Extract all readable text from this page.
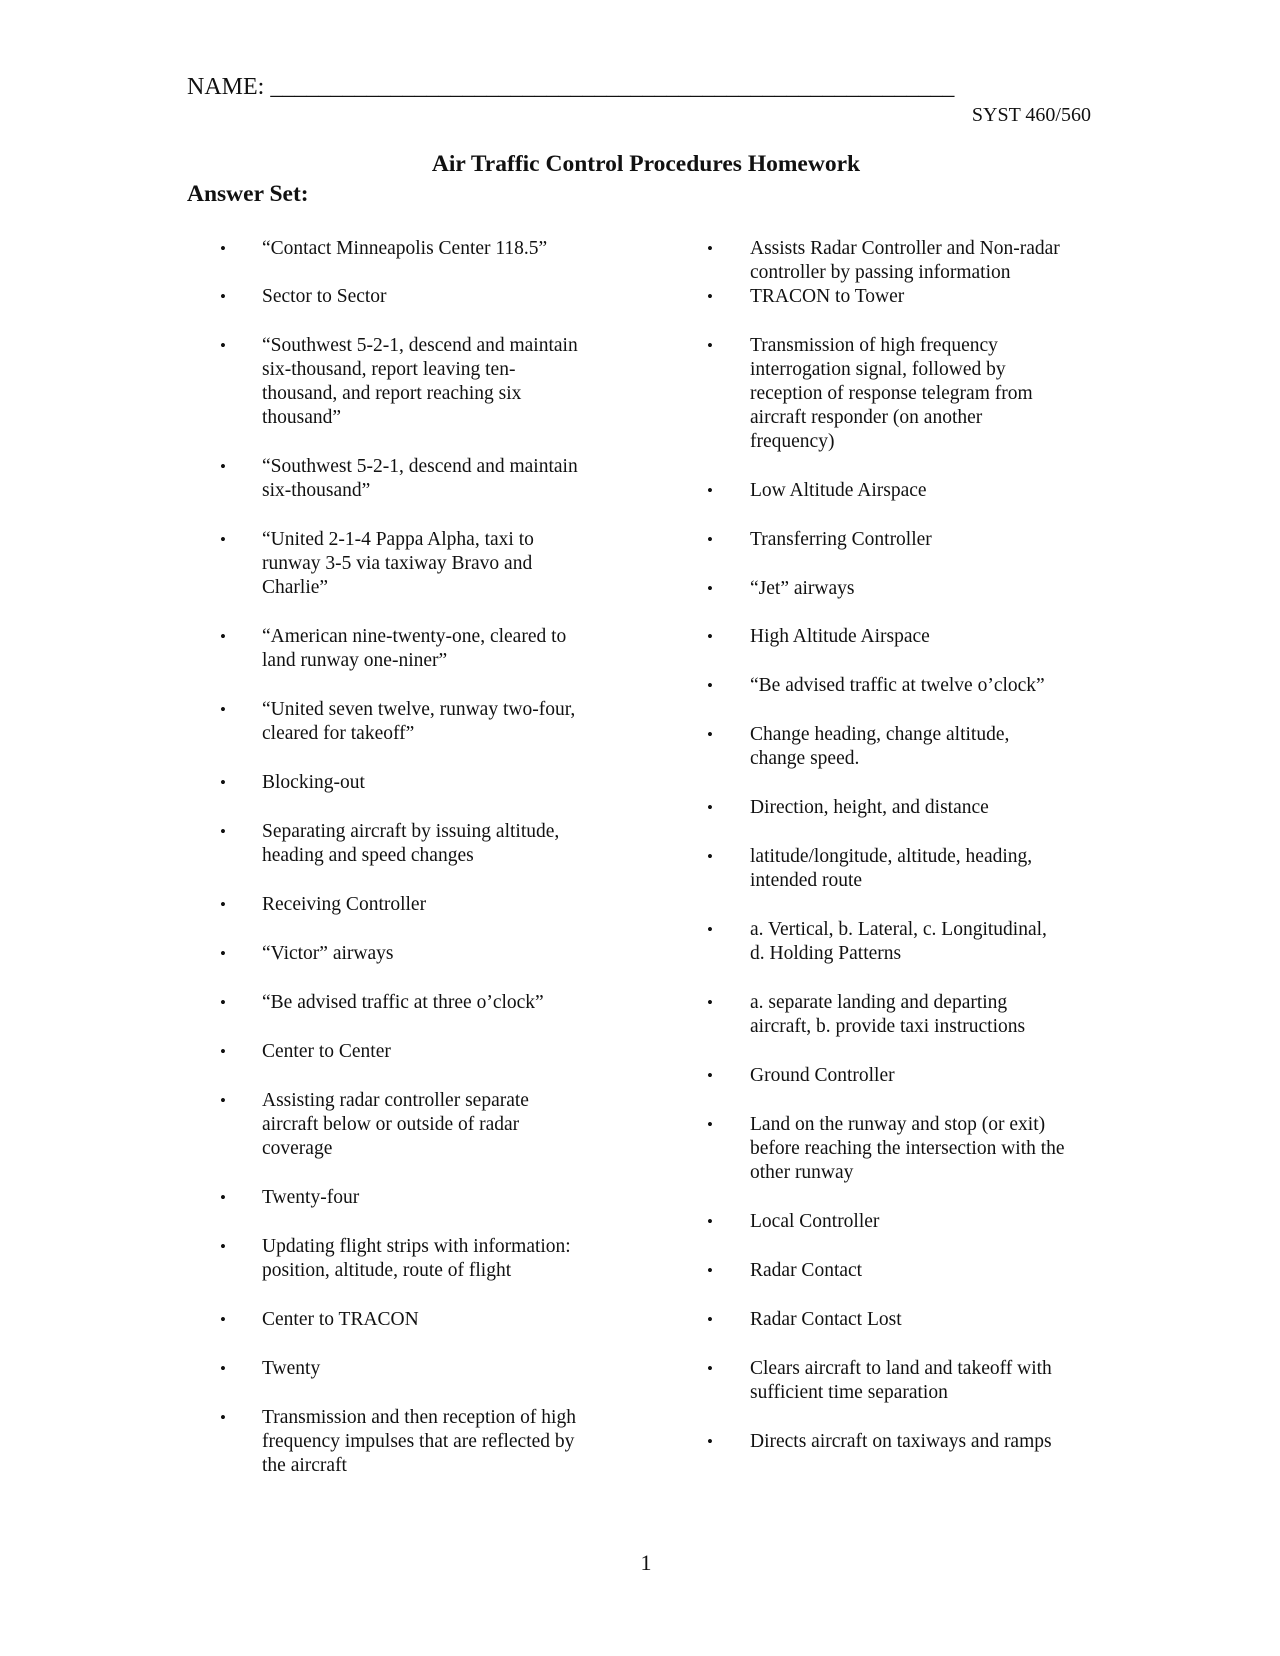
NAME: _________________________________________________________
SYST 460/560
Air Traffic Control Procedures Homework
Answer Set:
• “Contact Minneapolis Center 118.5”
• Sector to Sector
• “Southwest 5-2-1, descend and maintain
six-thousand, report leaving ten-
thousand, and report reaching six
thousand”
• “Southwest 5-2-1, descend and maintain
six-thousand”
• “United 2-1-4 Pappa Alpha, taxi to
runway 3-5 via taxiway Bravo and
Charlie”
• “American nine-twenty-one, cleared to
land runway one-niner”
• “United seven twelve, runway two-four,
cleared for takeoff”
• Blocking-out
• Separating aircraft by issuing altitude,
heading and speed changes
• Receiving Controller
• “Victor” airways
• “Be advised traffic at three o’clock”
• Center to Center
• Assisting radar controller separate
aircraft below or outside of radar
coverage
• Twenty-four
• Updating flight strips with information:
position, altitude, route of flight
• Center to TRACON
• Twenty
• Transmission and then reception of high
frequency impulses that are reflected by
the aircraft
• Assists Radar Controller and Non-radar
controller by passing information
• TRACON to Tower
• Transmission of high frequency
interrogation signal, followed by
reception of response telegram from
aircraft responder (on another
frequency)
• Low Altitude Airspace
• Transferring Controller
• “Jet” airways
• High Altitude Airspace
• “Be advised traffic at twelve o’clock”
• Change heading, change altitude,
change speed.
• Direction, height, and distance
• latitude/longitude, altitude, heading,
intended route
• a. Vertical, b. Lateral, c. Longitudinal,
d. Holding Patterns
• a. separate landing and departing
aircraft, b. provide taxi instructions
• Ground Controller
• Land on the runway and stop (or exit)
before reaching the intersection with the
other runway
• Local Controller
• Radar Contact
• Radar Contact Lost
• Clears aircraft to land and takeoff with
sufficient time separation
• Directs aircraft on taxiways and ramps
1
